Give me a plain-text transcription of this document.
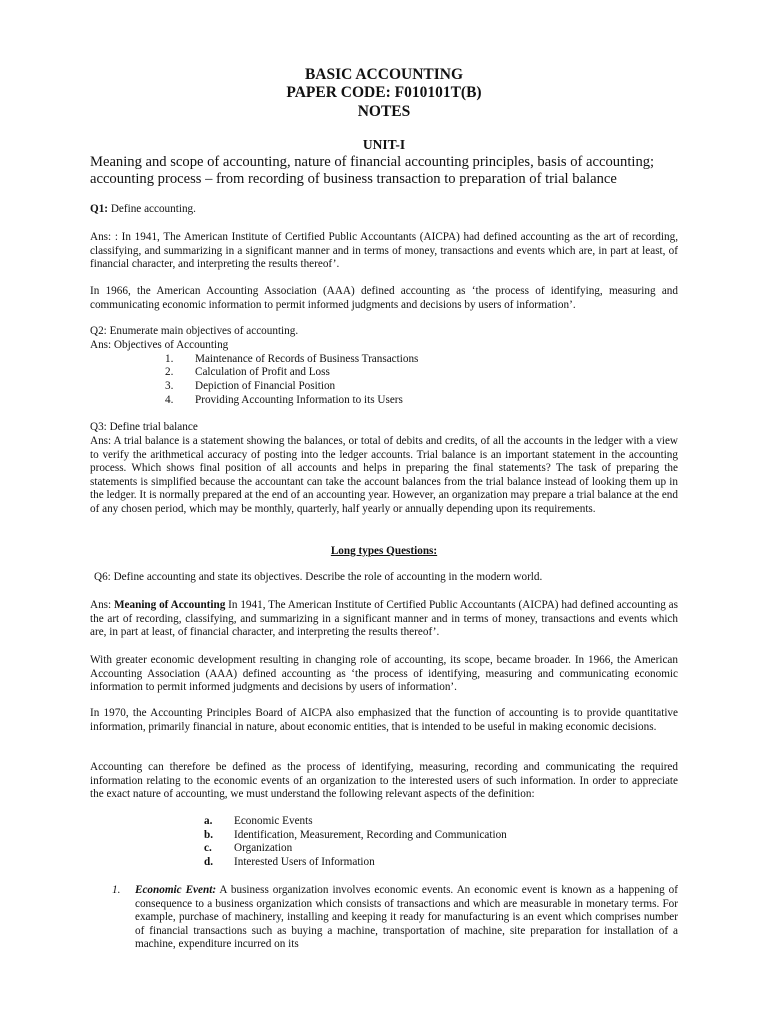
BASIC ACCOUNTING
PAPER CODE: F010101T(B)
NOTES
UNIT-I
Meaning and scope of accounting, nature of financial accounting principles, basis of accounting; accounting process – from recording of business transaction to preparation of trial balance
Q1: Define accounting.
Ans: : In 1941, The American Institute of Certified Public Accountants (AICPA) had defined accounting as the art of recording, classifying, and summarizing in a significant manner and in terms of money, transactions and events which are, in part at least, of financial character, and interpreting the results thereof’.
In 1966, the American Accounting Association (AAA) defined accounting as ‘the process of identifying, measuring and communicating economic information to permit informed judgments and decisions by users of information’.
Q2: Enumerate main objectives of accounting.
Ans: Objectives of Accounting
1. Maintenance of Records of Business Transactions
2. Calculation of Profit and Loss
3. Depiction of Financial Position
4. Providing Accounting Information to its Users
Q3: Define trial balance
Ans: A trial balance is a statement showing the balances, or total of debits and credits, of all the accounts in the ledger with a view to verify the arithmetical accuracy of posting into the ledger accounts. Trial balance is an important statement in the accounting process. Which shows final position of all accounts and helps in preparing the final statements? The task of preparing the statements is simplified because the accountant can take the account balances from the trial balance instead of looking them up in the ledger. It is normally prepared at the end of an accounting year. However, an organization may prepare a trial balance at the end of any chosen period, which may be monthly, quarterly, half yearly or annually depending upon its requirements.
Long types Questions:
Q6: Define accounting and state its objectives. Describe the role of accounting in the modern world.
Ans: Meaning of Accounting In 1941, The American Institute of Certified Public Accountants (AICPA) had defined accounting as the art of recording, classifying, and summarizing in a significant manner and in terms of money, transactions and events which are, in part at least, of financial character, and interpreting the results thereof’.
With greater economic development resulting in changing role of accounting, its scope, became broader. In 1966, the American Accounting Association (AAA) defined accounting as ‘the process of identifying, measuring and communicating economic information to permit informed judgments and decisions by users of information’.
In 1970, the Accounting Principles Board of AICPA also emphasized that the function of accounting is to provide quantitative information, primarily financial in nature, about economic entities, that is intended to be useful in making economic decisions.
Accounting can therefore be defined as the process of identifying, measuring, recording and communicating the required information relating to the economic events of an organization to the interested users of such information. In order to appreciate the exact nature of accounting, we must understand the following relevant aspects of the definition:
a. Economic Events
b. Identification, Measurement, Recording and Communication
c. Organization
d. Interested Users of Information
1. Economic Event: A business organization involves economic events. An economic event is known as a happening of consequence to a business organization which consists of transactions and which are measurable in monetary terms. For example, purchase of machinery, installing and keeping it ready for manufacturing is an event which comprises number of financial transactions such as buying a machine, transportation of machine, site preparation for installation of a machine, expenditure incurred on its
